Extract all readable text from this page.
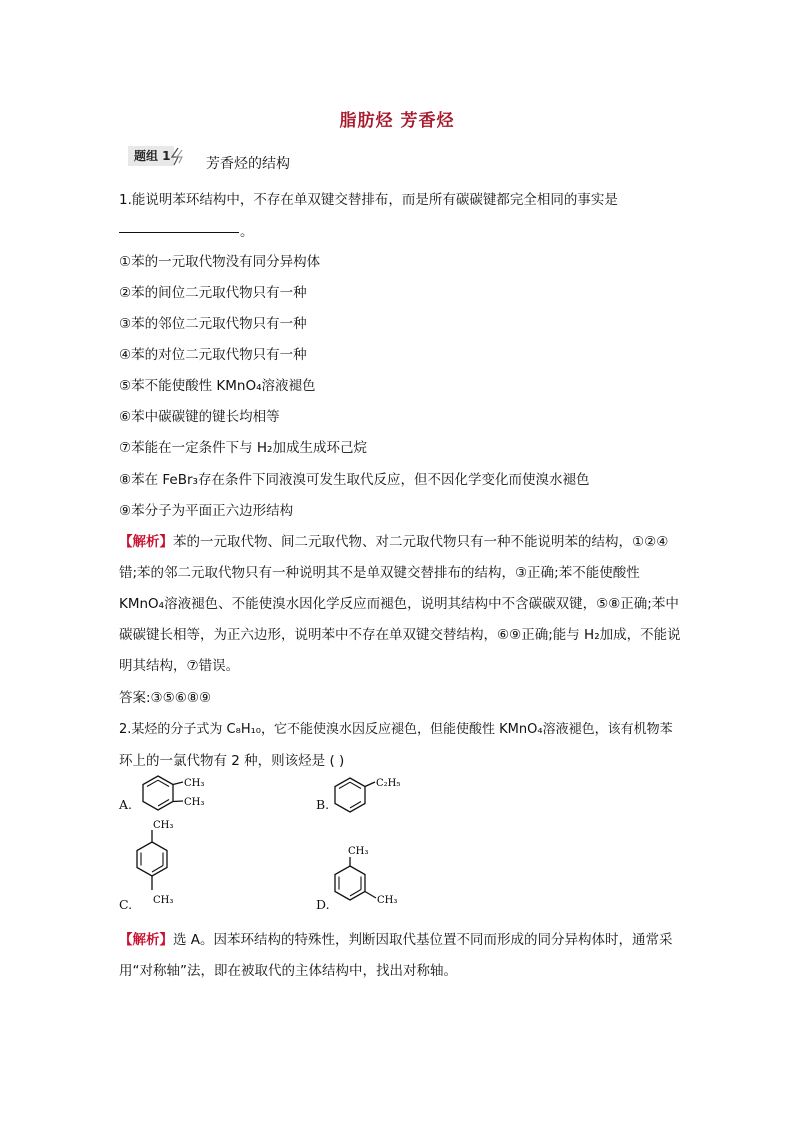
脂肪烃 芳香烃
题组 1	芳香烃的结构
1.能说明苯环结构中，不存在单双键交替排布，而是所有碳碳键都完全相同的事实是
。
①苯的一元取代物没有同分异构体
②苯的间位二元取代物只有一种
③苯的邻位二元取代物只有一种
④苯的对位二元取代物只有一种
⑤苯不能使酸性 KMnO₄溶液褪色
⑥苯中碳碳键的键长均相等
⑦苯能在一定条件下与 H₂加成生成环己烷
⑧苯在 FeBr₃存在条件下同液溴可发生取代反应，但不因化学变化而使溴水褪色
⑨苯分子为平面正六边形结构
【解析】苯的一元取代物、间二元取代物、对二元取代物只有一种不能说明苯的结构，①②④
错;苯的邻二元取代物只有一种说明其不是单双键交替排布的结构，③正确;苯不能使酸性
KMnO₄溶液褪色、不能使溴水因化学反应而褪色，说明其结构中不含碳碳双键，⑤⑧正确;苯中
碳碳键长相等，为正六边形，说明苯中不存在单双键交替结构，⑥⑨正确;能与 H₂加成，不能说
明其结构，⑦错误。
答案:③⑤⑥⑧⑨
2.某烃的分子式为 C₈H₁₀，它不能使溴水因反应褪色，但能使酸性 KMnO₄溶液褪色，该有机物苯
环上的一氯代物有 2 种，则该烃是 ( )
A.
CH₃
CH₃	B.
C₂H₅
C.
CH₃
CH₃	D.
CH₃
CH₃
【解析】选 A。因苯环结构的特殊性，判断因取代基位置不同而形成的同分异构体时，通常采
用“对称轴”法，即在被取代的主体结构中，找出对称轴。
